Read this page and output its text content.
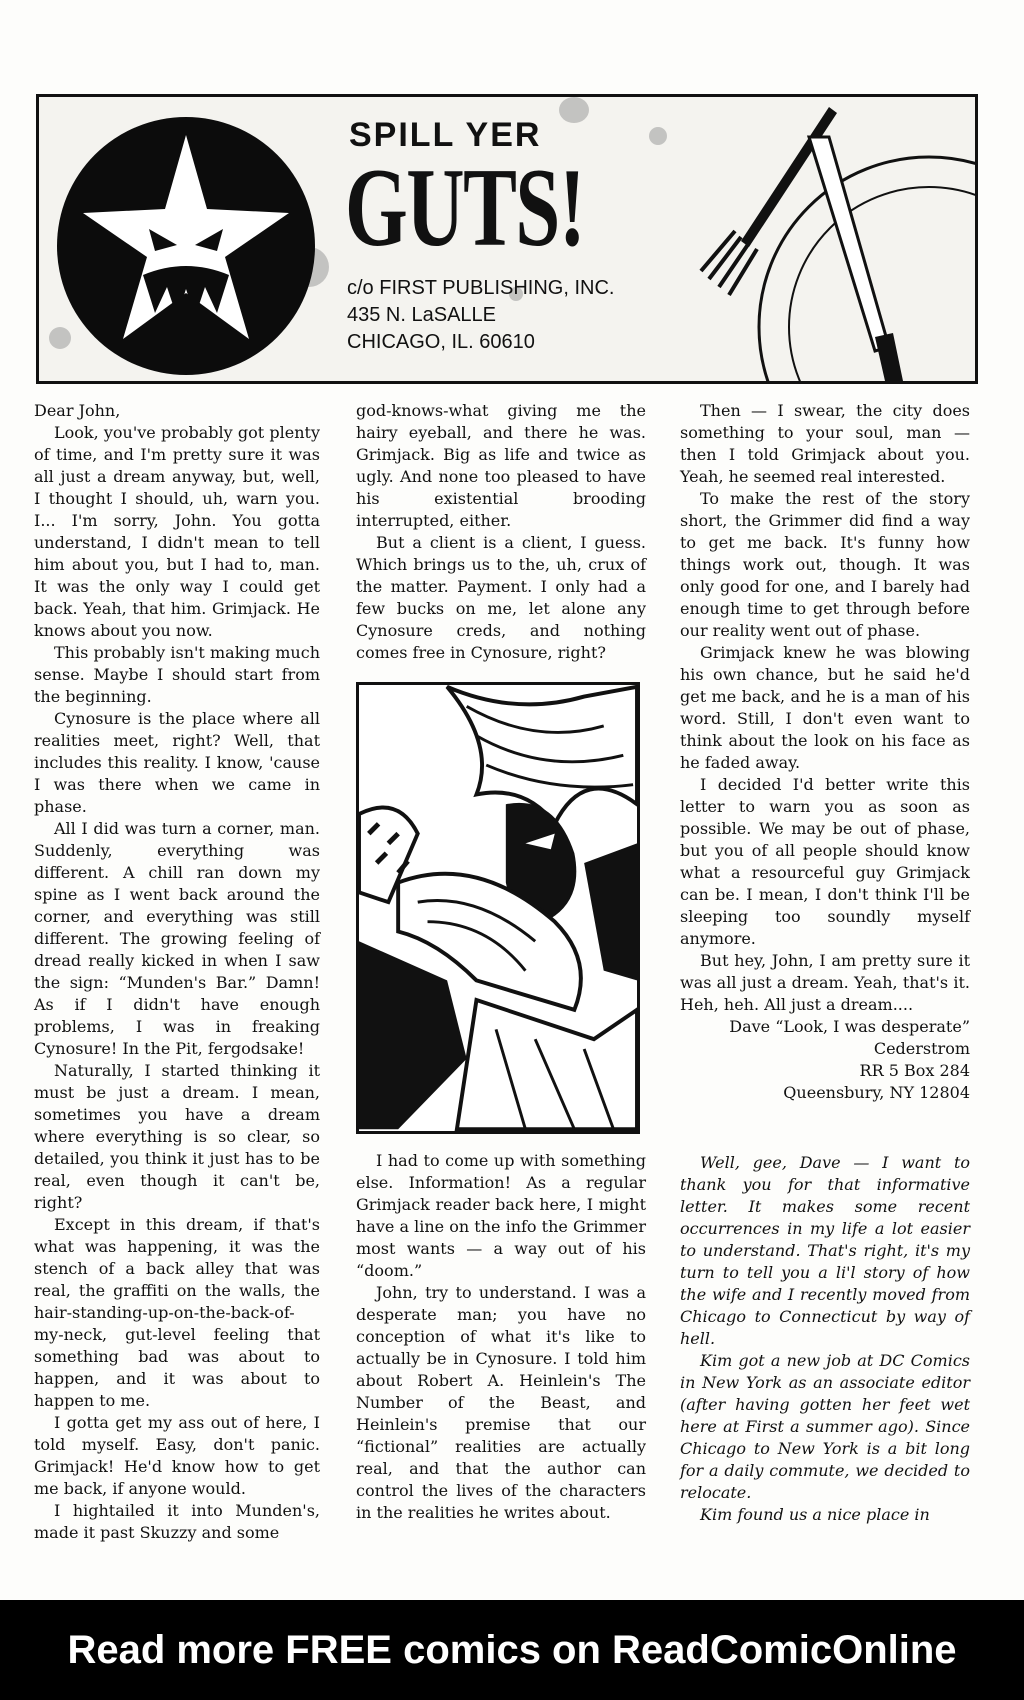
SPILL YER
GUTS!
c/o FIRST PUBLISHING, INC.
435 N. LaSALLE
CHICAGO, IL. 60610

Dear John,

Look, you've probably got plenty of time, and I'm pretty sure it was all just a dream anyway, but, well, I thought I should, uh, warn you. I... I'm sorry, John. You gotta understand, I didn't mean to tell him about you, but I had to, man. It was the only way I could get back. Yeah, that him. Grimjack. He knows about you now.

This probably isn't making much sense. Maybe I should start from the beginning.

Cynosure is the place where all realities meet, right? Well, that includes this reality. I know, 'cause I was there when we came in phase.

All I did was turn a corner, man. Suddenly, everything was different. A chill ran down my spine as I went back around the corner, and everything was still different. The growing feeling of dread really kicked in when I saw the sign: “Munden's Bar.” Damn! As if I didn't have enough problems, I was in freaking Cynosure! In the Pit, fergodsake!

Naturally, I started thinking it must be just a dream. I mean, sometimes you have a dream where everything is so clear, so detailed, you think it just has to be real, even though it can't be, right?

Except in this dream, if that's what was happening, it was the stench of a back alley that was real, the graffiti on the walls, the hair-standing-up-on-the-back-of-my-neck, gut-level feeling that something bad was about to happen, and it was about to happen to me.

I gotta get my ass out of here, I told myself. Easy, don't panic. Grimjack! He'd know how to get me back, if anyone would.

I hightailed it into Munden's, made it past Skuzzy and some

god-knows-what giving me the hairy eyeball, and there he was. Grimjack. Big as life and twice as ugly. And none too pleased to have his existential brooding interrupted, either.

But a client is a client, I guess. Which brings us to the, uh, crux of the matter. Payment. I only had a few bucks on me, let alone any Cynosure creds, and nothing comes free in Cynosure, right?

I had to come up with something else. Information! As a regular Grimjack reader back here, I might have a line on the info the Grimmer most wants — a way out of his “doom.”

John, try to understand. I was a desperate man; you have no conception of what it's like to actually be in Cynosure. I told him about Robert A. Heinlein's The Number of the Beast, and Heinlein's premise that our “fictional” realities are actually real, and that the author can control the lives of the characters in the realities he writes about.

Then — I swear, the city does something to your soul, man — then I told Grimjack about you. Yeah, he seemed real interested.

To make the rest of the story short, the Grimmer did find a way to get me back. It's funny how things work out, though. It was only good for one, and I barely had enough time to get through before our reality went out of phase.

Grimjack knew he was blowing his own chance, but he said he'd get me back, and he is a man of his word. Still, I don't even want to think about the look on his face as he faded away.

I decided I'd better write this letter to warn you as soon as possible. We may be out of phase, but you of all people should know what a resourceful guy Grimjack can be. I mean, I don't think I'll be sleeping too soundly myself anymore.

But hey, John, I am pretty sure it was all just a dream. Yeah, that's it. Heh, heh. All just a dream....

Dave “Look, I was desperate”
Cederstrom
RR 5 Box 284
Queensbury, NY 12804

Well, gee, Dave — I want to thank you for that informative letter. It makes some recent occurrences in my life a lot easier to understand. That's right, it's my turn to tell you a li'l story of how the wife and I recently moved from Chicago to Connecticut by way of hell.

Kim got a new job at DC Comics in New York as an associate editor (after having gotten her feet wet here at First a summer ago). Since Chicago to New York is a bit long for a daily commute, we decided to relocate.

Kim found us a nice place in

Read more FREE comics on ReadComicOnline
